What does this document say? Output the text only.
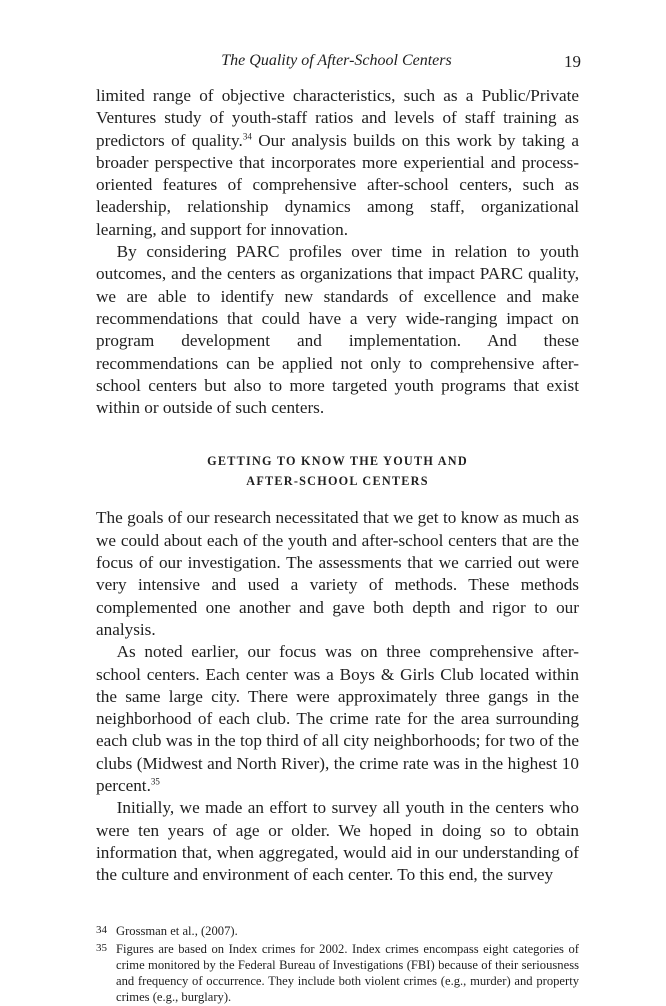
The Quality of After-School Centers	19

limited range of objective characteristics, such as a Public/Private Ventures study of youth-staff ratios and levels of staff training as predictors of quality.$^{34}$ Our analysis builds on this work by taking a broader perspective that incorporates more experiential and process-oriented features of comprehensive after-school centers, such as leadership, relationship dynamics among staff, organizational learning, and support for innovation.

By considering PARC profiles over time in relation to youth outcomes, and the centers as organizations that impact PARC quality, we are able to identify new standards of excellence and make recommendations that could have a very wide-ranging impact on program development and implementation. And these recommendations can be applied not only to comprehensive after-school centers but also to more targeted youth programs that exist within or outside of such centers.

GETTING TO KNOW THE YOUTH AND
AFTER-SCHOOL CENTERS

The goals of our research necessitated that we get to know as much as we could about each of the youth and after-school centers that are the focus of our investigation. The assessments that we carried out were very intensive and used a variety of methods. These methods complemented one another and gave both depth and rigor to our analysis.

As noted earlier, our focus was on three comprehensive after-school centers. Each center was a Boys & Girls Club located within the same large city. There were approximately three gangs in the neighborhood of each club. The crime rate for the area surrounding each club was in the top third of all city neighborhoods; for two of the clubs (Midwest and North River), the crime rate was in the highest 10 percent.$^{35}$

Initially, we made an effort to survey all youth in the centers who were ten years of age or older. We hoped in doing so to obtain information that, when aggregated, would aid in our understanding of the culture and environment of each center. To this end, the survey

34 Grossman et al., (2007).
35 Figures are based on Index crimes for 2002. Index crimes encompass eight categories of crime monitored by the Federal Bureau of Investigations (FBI) because of their seriousness and frequency of occurrence. They include both violent crimes (e.g., murder) and property crimes (e.g., burglary).
